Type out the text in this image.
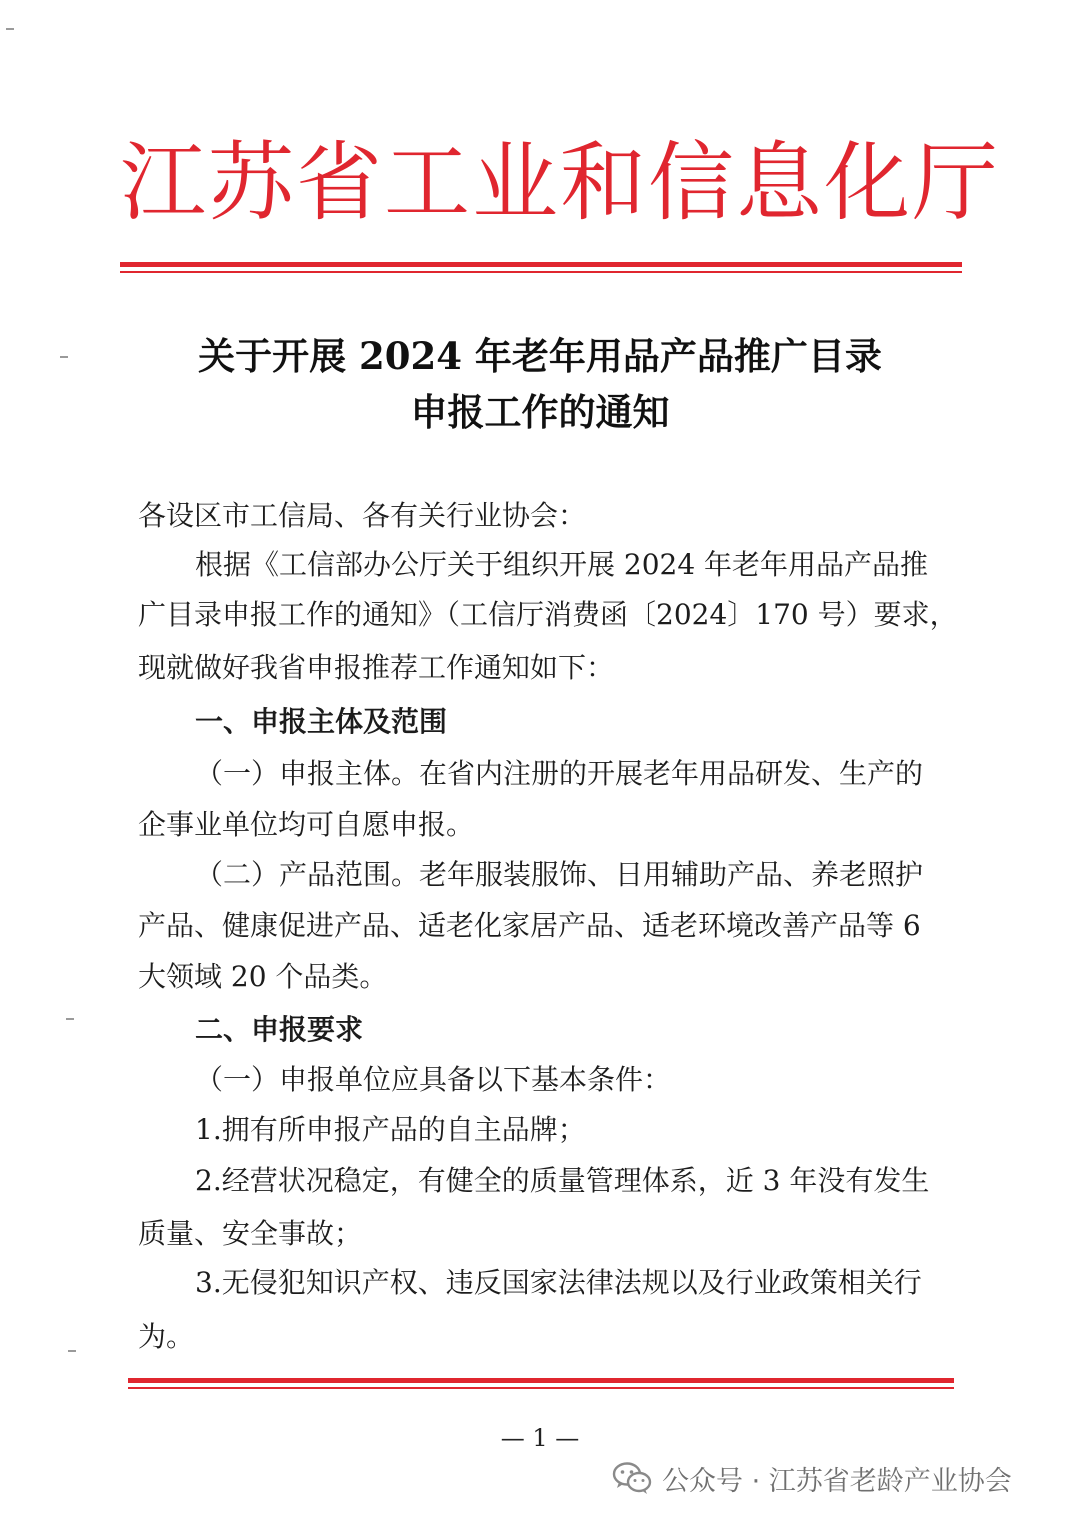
江苏省工业和信息化厅
关于开展 2024 年老年用品产品推广目录
申报工作的通知
各设区市工信局、各有关行业协会：
根据《工信部办公厅关于组织开展 2024 年老年用品产品推
广目录申报工作的通知》（工信厅消费函〔2024〕170 号）要求，
现就做好我省申报推荐工作通知如下：
一、申报主体及范围
（一）申报主体。在省内注册的开展老年用品研发、生产的
企事业单位均可自愿申报。
（二）产品范围。老年服装服饰、日用辅助产品、养老照护
产品、健康促进产品、适老化家居产品、适老环境改善产品等 6
大领域 20 个品类。
二、申报要求
（一）申报单位应具备以下基本条件：
1.拥有所申报产品的自主品牌；
2.经营状况稳定，有健全的质量管理体系，近 3 年没有发生
质量、安全事故；
3.无侵犯知识产权、违反国家法律法规以及行业政策相关行
为。
— 1 —
公众号 · 江苏省老龄产业协会
